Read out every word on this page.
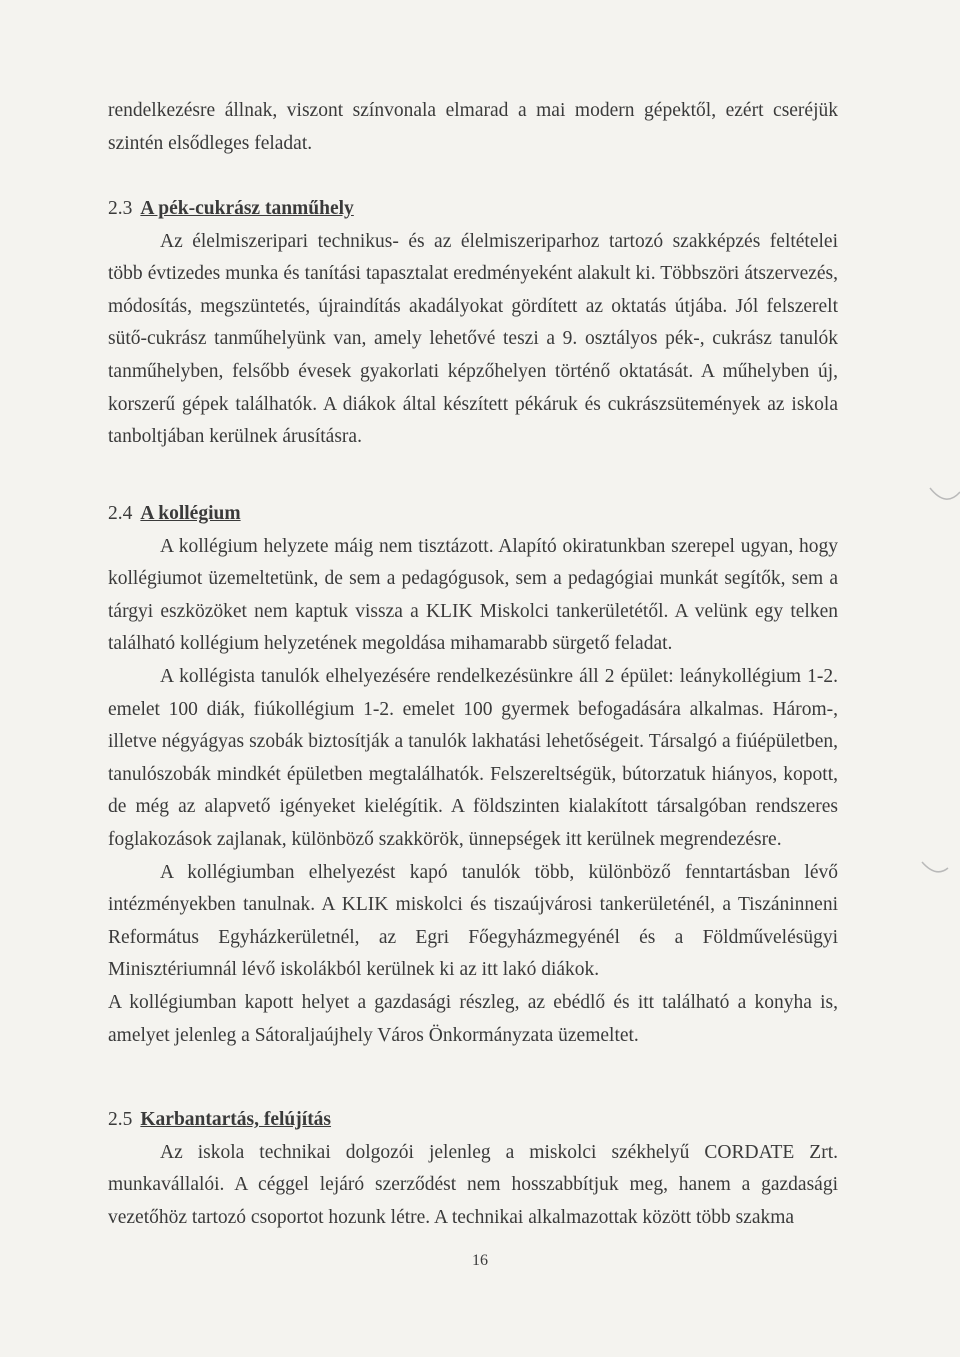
rendelkezésre állnak, viszont színvonala elmarad a mai modern gépektől, ezért cseréjük szintén elsődleges feladat.

2.3 A pék-cukrász tanműhely

Az élelmiszeripari technikus- és az élelmiszeriparhoz tartozó szakképzés feltételei több évtizedes munka és tanítási tapasztalat eredményeként alakult ki. Többszöri átszervezés, módosítás, megszüntetés, újraindítás akadályokat gördített az oktatás útjába. Jól felszerelt sütő-cukrász tanműhelyünk van, amely lehetővé teszi a 9. osztályos pék-, cukrász tanulók tanműhelyben, felsőbb évesek gyakorlati képzőhelyen történő oktatását. A műhelyben új, korszerű gépek találhatók. A diákok által készített pékáruk és cukrászsütemények az iskola tanboltjában kerülnek árusításra.

2.4 A kollégium

A kollégium helyzete máig nem tisztázott. Alapító okiratunkban szerepel ugyan, hogy kollégiumot üzemeltetünk, de sem a pedagógusok, sem a pedagógiai munkát segítők, sem a tárgyi eszközöket nem kaptuk vissza a KLIK Miskolci tankerületétől. A velünk egy telken található kollégium helyzetének megoldása mihamarabb sürgető feladat.

A kollégista tanulók elhelyezésére rendelkezésünkre áll 2 épület: leánykollégium 1-2. emelet 100 diák, fiúkollégium 1-2. emelet 100 gyermek befogadására alkalmas. Három-, illetve négyágyas szobák biztosítják a tanulók lakhatási lehetőségeit. Társalgó a fiúépületben, tanulószobák mindkét épületben megtalálhatók. Felszereltségük, bútorzatuk hiányos, kopott, de még az alapvető igényeket kielégítik. A földszinten kialakított társalgóban rendszeres foglakozások zajlanak, különböző szakkörök, ünnepségek itt kerülnek megrendezésre.

A kollégiumban elhelyezést kapó tanulók több, különböző fenntartásban lévő intézményekben tanulnak. A KLIK miskolci és tiszaújvárosi tankerületénél, a Tiszáninneni Református Egyházkerületnél, az Egri Főegyházmegyénél és a Földművelésügyi Minisztériumnál lévő iskolákból kerülnek ki az itt lakó diákok.

A kollégiumban kapott helyet a gazdasági részleg, az ebédlő és itt található a konyha is, amelyet jelenleg a Sátoraljaújhely Város Önkormányzata üzemeltet.

2.5 Karbantartás, felújítás

Az iskola technikai dolgozói jelenleg a miskolci székhelyű CORDATE Zrt. munkavállalói. A céggel lejáró szerződést nem hosszabbítjuk meg, hanem a gazdasági vezetőhöz tartozó csoportot hozunk létre. A technikai alkalmazottak között több szakma

16
